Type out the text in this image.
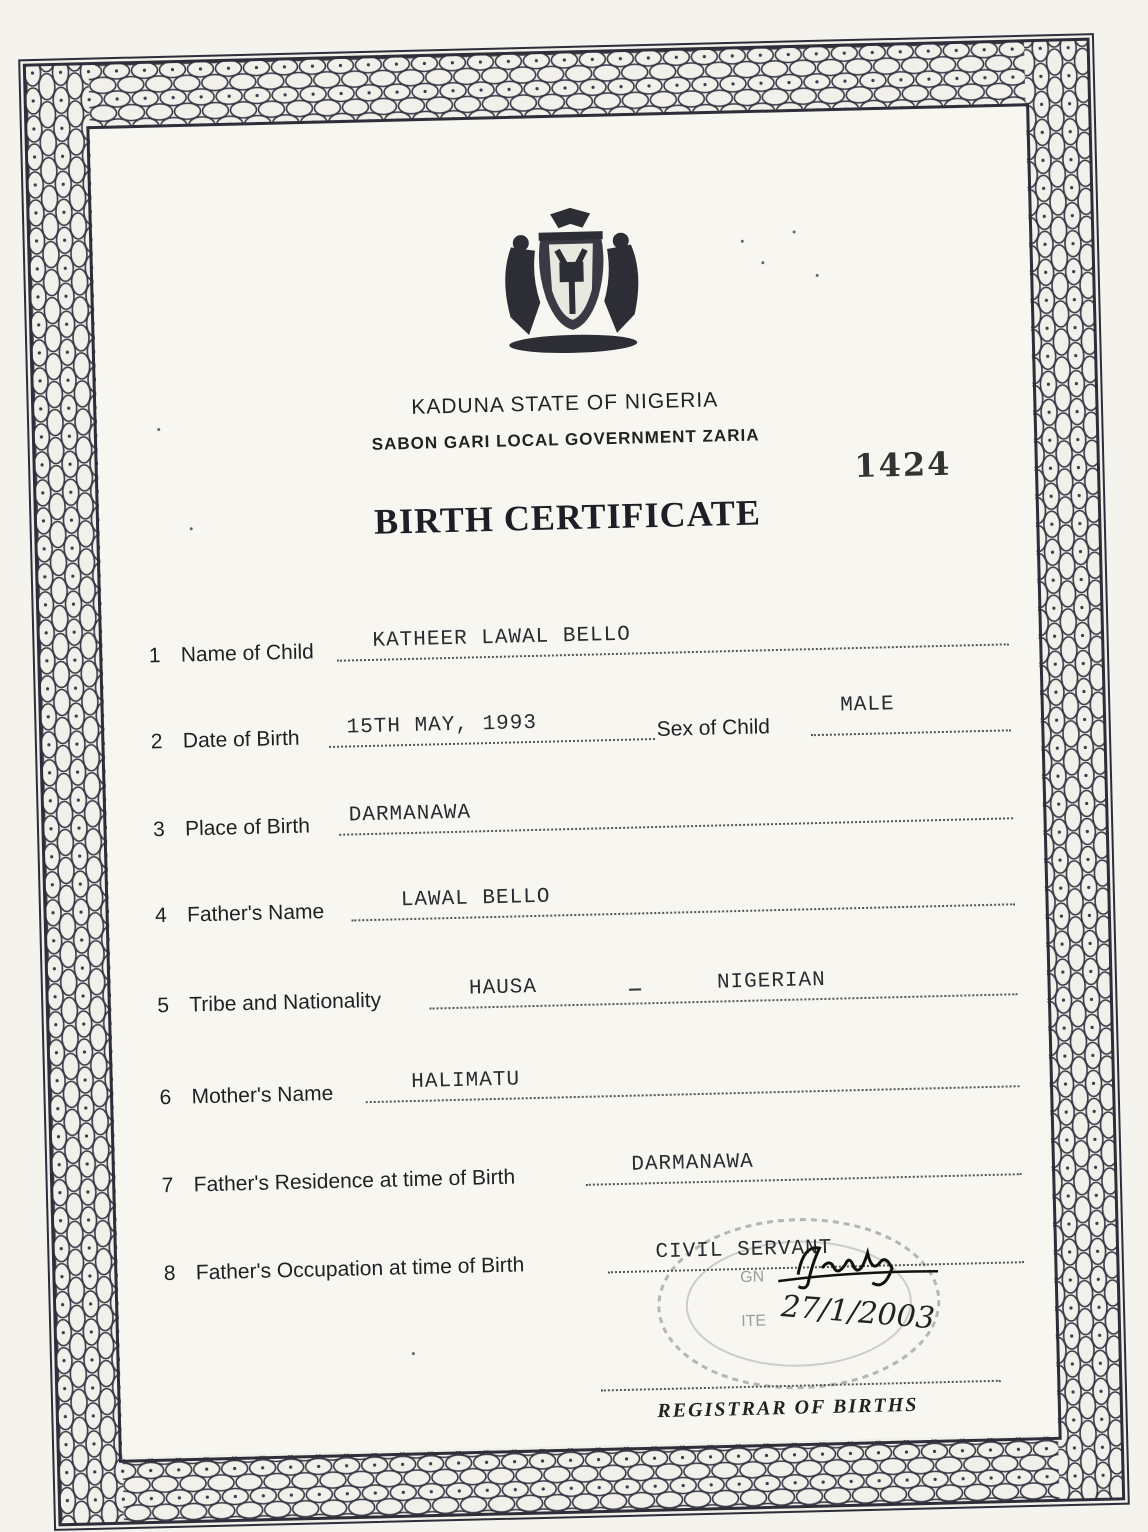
KADUNA STATE OF NIGERIA
SABON GARI LOCAL GOVERNMENT ZARIA
1424
BIRTH CERTIFICATE
1 Name of Child
KATHEER LAWAL BELLO
2 Date of Birth
15TH MAY, 1993	Sex of Child
MALE
3 Place of Birth DARMANAWA
4 Father's Name
LAWAL BELLO
5 Tribe and Nationality
HAUSA	NIGERIAN
6 Mother's Name
HALIMATU
7 Father's Residence at time of Birth
DARMANAWA
GN
ITE
8 Father's Occupation at time of Birth
CIVIL SERVANT
27/1/2003
REGISTRAR OF BIRTHS
